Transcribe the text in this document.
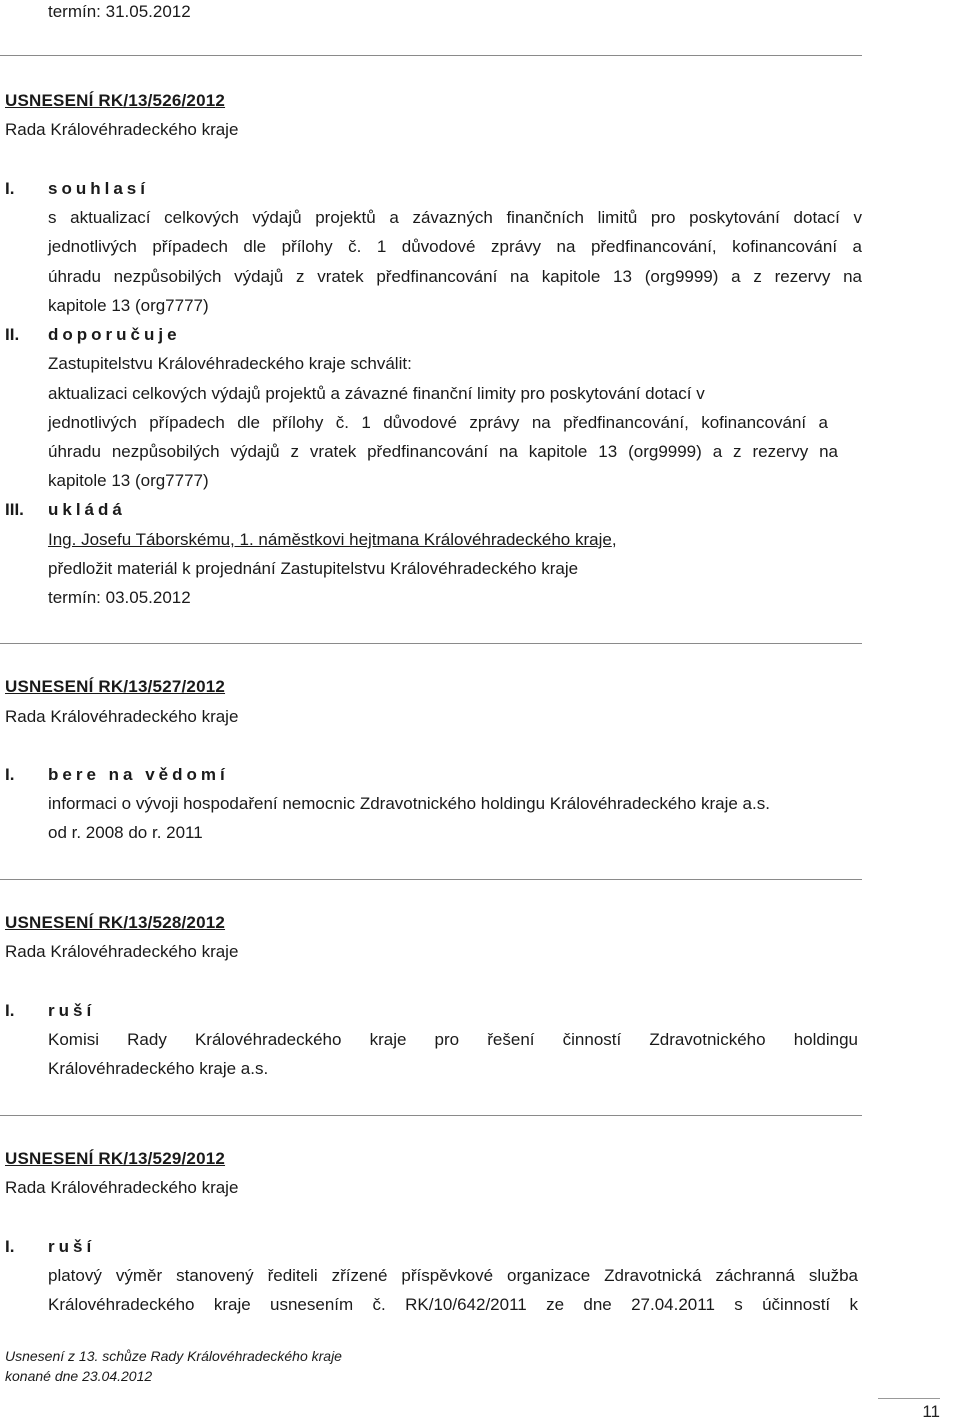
termín: 31.05.2012
USNESENÍ RK/13/526/2012
Rada Královéhradeckého kraje
I. souhlasí
s aktualizací celkových výdajů projektů a závazných finančních limitů pro poskytování dotací v
jednotlivých případech dle přílohy č. 1 důvodové zprávy na předfinancování, kofinancování a
úhradu nezpůsobilých výdajů z vratek předfinancování na kapitole 13 (org9999) a z rezervy na
kapitole 13 (org7777)
II. doporučuje
Zastupitelstvu Královéhradeckého kraje schválit:
aktualizaci celkových výdajů projektů a závazné finanční limity pro poskytování dotací v
jednotlivých případech dle přílohy č. 1 důvodové zprávy na předfinancování, kofinancování a
úhradu nezpůsobilých výdajů z vratek předfinancování na kapitole 13 (org9999) a z rezervy na
kapitole 13 (org7777)
III. ukládá
Ing. Josefu Táborskému, 1. náměstkovi hejtmana Královéhradeckého kraje,
předložit materiál k projednání Zastupitelstvu Královéhradeckého kraje
termín: 03.05.2012
USNESENÍ RK/13/527/2012
Rada Královéhradeckého kraje
I. bere na vědomí
informaci o vývoji hospodaření nemocnic Zdravotnického holdingu Královéhradeckého kraje a.s.
od r. 2008 do r. 2011
USNESENÍ RK/13/528/2012
Rada Královéhradeckého kraje
I. ruší
Komisi Rady Královéhradeckého kraje pro řešení činností Zdravotnického holdingu
Královéhradeckého kraje a.s.
USNESENÍ RK/13/529/2012
Rada Královéhradeckého kraje
I. ruší
platový výměr stanovený řediteli zřízené příspěvkové organizace Zdravotnická záchranná služba
Královéhradeckého kraje usnesením č. RK/10/642/2011 ze dne 27.04.2011 s účinností k
Usnesení z 13. schůze Rady Královéhradeckého kraje
konané dne 23.04.2012
11
